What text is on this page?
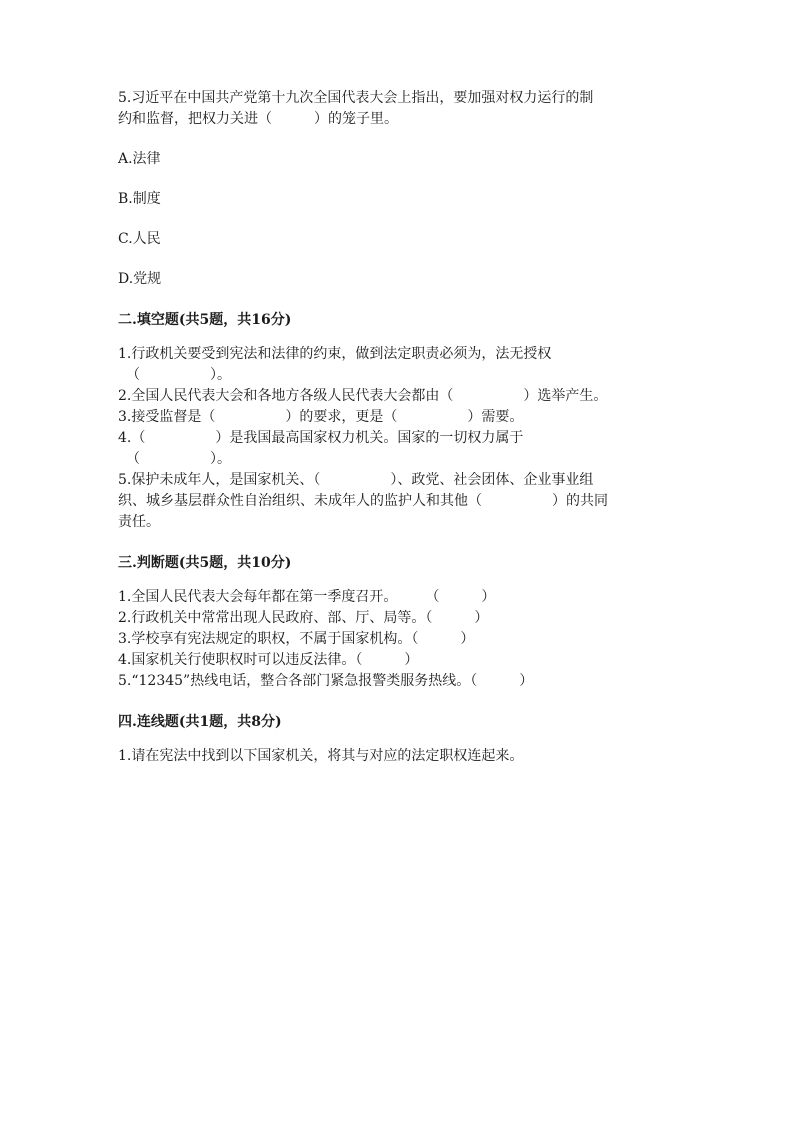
5.习近平在中国共产党第十九次全国代表大会上指出，要加强对权力运行的制
约和监督，把权力关进（　　　）的笼子里。
A.法律
B.制度
C.人民
D.党规
二.填空题(共5题，共16分)
1.行政机关要受到宪法和法律的约束，做到法定职责必须为，法无授权
（　　　　　）。
2.全国人民代表大会和各地方各级人民代表大会都由（　　　　　）选举产生。
3.接受监督是（　　　　　）的要求，更是（　　　　　）需要。
4.（　　　　　）是我国最高国家权力机关。国家的一切权力属于
（　　　　　）。
5.保护未成年人，是国家机关、（　　　　　）、政党、社会团体、企业事业组
织、城乡基层群众性自治组织、未成年人的监护人和其他（　　　　　）的共同
责任。
三.判断题(共5题，共10分)
1.全国人民代表大会每年都在第一季度召开。　　　（　　　）
2.行政机关中常常出现人民政府、部、厅、局等。（　　　）
3.学校享有宪法规定的职权，不属于国家机构。（　　　）
4.国家机关行使职权时可以违反法律。（　　　）
5.“12345”热线电话，整合各部门紧急报警类服务热线。（　　　）
四.连线题(共1题，共8分)
1.请在宪法中找到以下国家机关，将其与对应的法定职权连起来。
